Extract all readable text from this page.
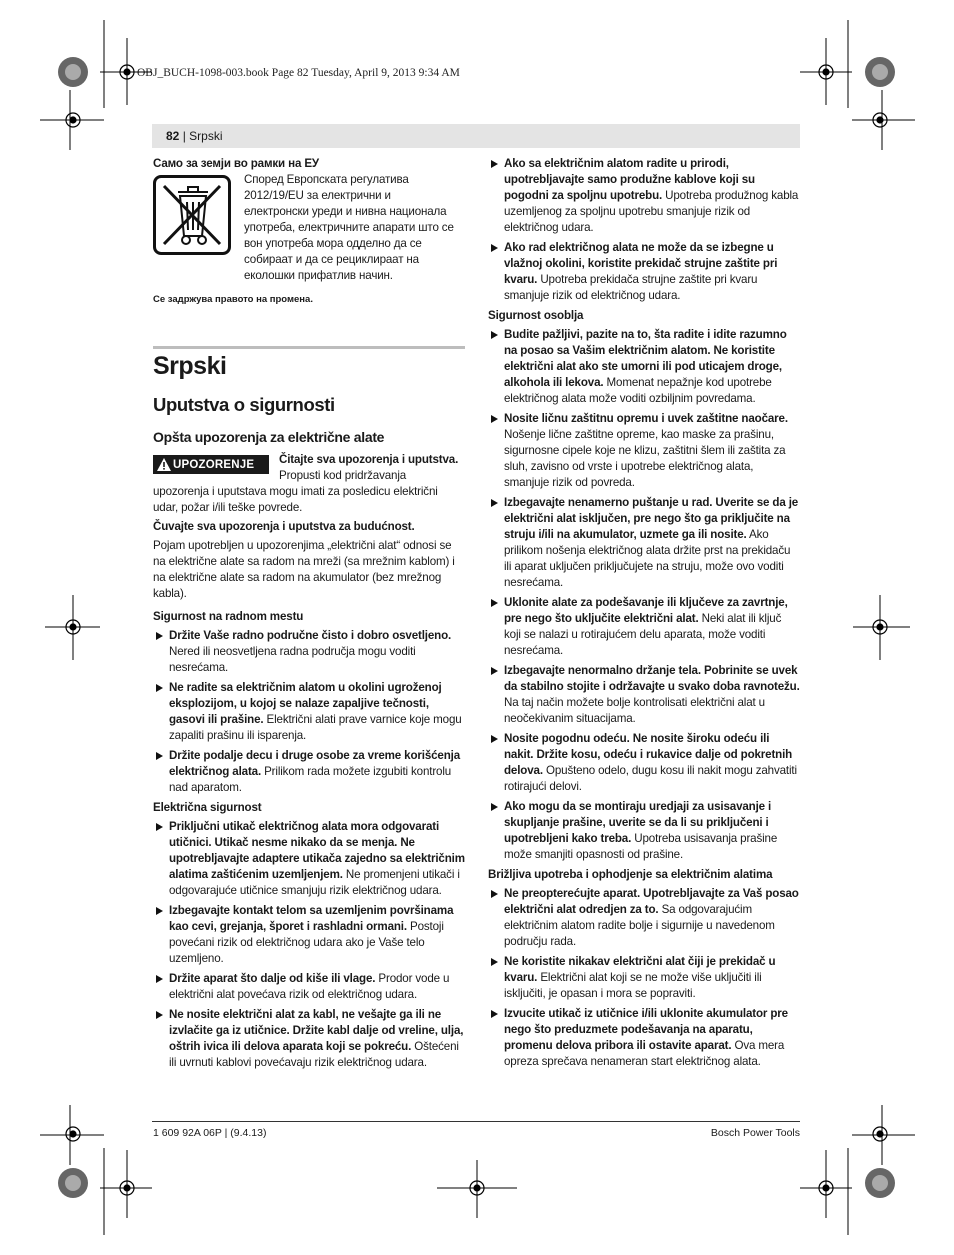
OBJ_BUCH-1098-003.book Page 82 Tuesday, April 9, 2013 9:34 AM
82 | Srpski
Само за земји во рамки на ЕУ
Според Европската регулатива
2012/19/EU за електрични и
електронски уреди и нивна национала
употреба, електричните апарати што се
вон употреба мора одделно да се
собираат и да се рециклираат на
еколошки прифатлив начин.
Се задржува правото на промена.
Srpski
Uputstva o sigurnosti
Opšta upozorenja za električne alate
UPOZORENJE Čitajte sva upozorenja i uputstva.

Propusti kod pridržavanja

upozorenja i uputstava mogu imati za posledicu električni udar, požar i/ili teške povrede.

Čuvajte sva upozorenja i uputstva za budućnost.

Pojam upotrebljen u upozorenjima „električni alat“ odnosi se na električne alate sa radom na mreži (sa mrežnim kablom) i na električne alate sa radom na akumulator (bez mrežnog kabla).

Sigurnost na radnom mestu
Držite Vaše radno područne čisto i dobro osvetljeno. Nered ili neosvetljena radna područja mogu voditi nesrećama.
Ne radite sa električnim alatom u okolini ugroženoj eksplozijom, u kojoj se nalaze zapaljive tečnosti, gasovi ili prašine. Električni alati prave varnice koje mogu zapaliti prašinu ili isparenja.
Držite podalje decu i druge osobe za vreme korišćenja električnog alata. Prilikom rada možete izgubiti kontrolu nad aparatom.
Električna sigurnost
Priključni utikač električnog alata mora odgovarati utičnici. Utikač nesme nikako da se menja. Ne upotrebljavajte adaptere utikača zajedno sa električnim alatima zaštićenim uzemljenjem. Ne promenjeni utikači i odgovarajuće utičnice smanjuju rizik električnog udara.
Izbegavajte kontakt telom sa uzemljenim površinama kao cevi, grejanja, šporet i rashladni ormani. Postoji povećani rizik od električnog udara ako je Vaše telo uzemljeno.
Držite aparat što dalje od kiše ili vlage. Prodor vode u električni alat povećava rizik od električnog udara.
Ne nosite električni alat za kabl, ne vešajte ga ili ne izvlačite ga iz utičnice. Držite kabl dalje od vreline, ulja, oštrih ivica ili delova aparata koji se pokreću. Oštećeni ili uvrnuti kablovi povećavaju rizik električnog udara.
Ako sa električnim alatom radite u prirodi, upotrebljavajte samo produžne kablove koji su pogodni za spoljnu upotrebu. Upotreba produžnog kabla uzemljenog za spoljnu upotrebu smanjuje rizik od električnog udara.
Ako rad električnog alata ne može da se izbegne u vlažnoj okolini, koristite prekidač strujne zaštite pri kvaru. Upotreba prekidača strujne zaštite pri kvaru smanjuje rizik od električnog udara.
Sigurnost osoblja
Budite pažljivi, pazite na to, šta radite i idite razumno na posao sa Vašim električnim alatom. Ne koristite električni alat ako ste umorni ili pod uticajem droge, alkohola ili lekova. Momenat nepažnje kod upotrebe električnog alata može voditi ozbiljnim povredama.
Nosite ličnu zaštitnu opremu i uvek zaštitne naočare. Nošenje lične zaštitne opreme, kao maske za prašinu, sigurnosne cipele koje ne klizu, zaštitni šlem ili zaštita za sluh, zavisno od vrste i upotrebe električnog alata, smanjuje rizik od povreda.
Izbegavajte nenamerno puštanje u rad. Uverite se da je električni alat isključen, pre nego što ga priključite na struju i/ili na akumulator, uzmete ga ili nosite. Ako prilikom nošenja električnog alata držite prst na prekidaču ili aparat uključen priključujete na struju, može ovo voditi nesrećama.
Uklonite alate za podešavanje ili ključeve za zavrtnje, pre nego što uključite električni alat. Neki alat ili ključ koji se nalazi u rotirajućem delu aparata, može voditi nesrećama.
Izbegavajte nenormalno držanje tela. Pobrinite se uvek da stabilno stojite i održavajte u svako doba ravnotežu. Na taj način možete bolje kontrolisati električni alat u neočekivanim situacijama.
Nosite pogodnu odeću. Ne nosite široku odeću ili nakit. Držite kosu, odeću i rukavice dalje od pokretnih delova. Opušteno odelo, dugu kosu ili nakit mogu zahvatiti rotirajući delovi.
Ako mogu da se montiraju uredjaji za usisavanje i skupljanje prašine, uverite se da li su priključeni i upotrebljeni kako treba. Upotreba usisavanja prašine može smanjiti opasnosti od prašine.
Brižljiva upotreba i ophodjenje sa električnim alatima
Ne preopterećujte aparat. Upotrebljavajte za Vaš posao električni alat odredjen za to. Sa odgovarajućim električnim alatom radite bolje i sigurnije u navedenom području rada.
Ne koristite nikakav električni alat čiji je prekidač u kvaru. Električni alat koji se ne može više uključiti ili isključiti, je opasan i mora se popraviti.
Izvucite utikač iz utičnice i/ili uklonite akumulator pre nego što preduzmete podešavanja na aparatu, promenu delova pribora ili ostavite aparat. Ova mera opreza sprečava nenameran start električnog alata.
1 609 92A 06P | (9.4.13)	Bosch Power Tools
